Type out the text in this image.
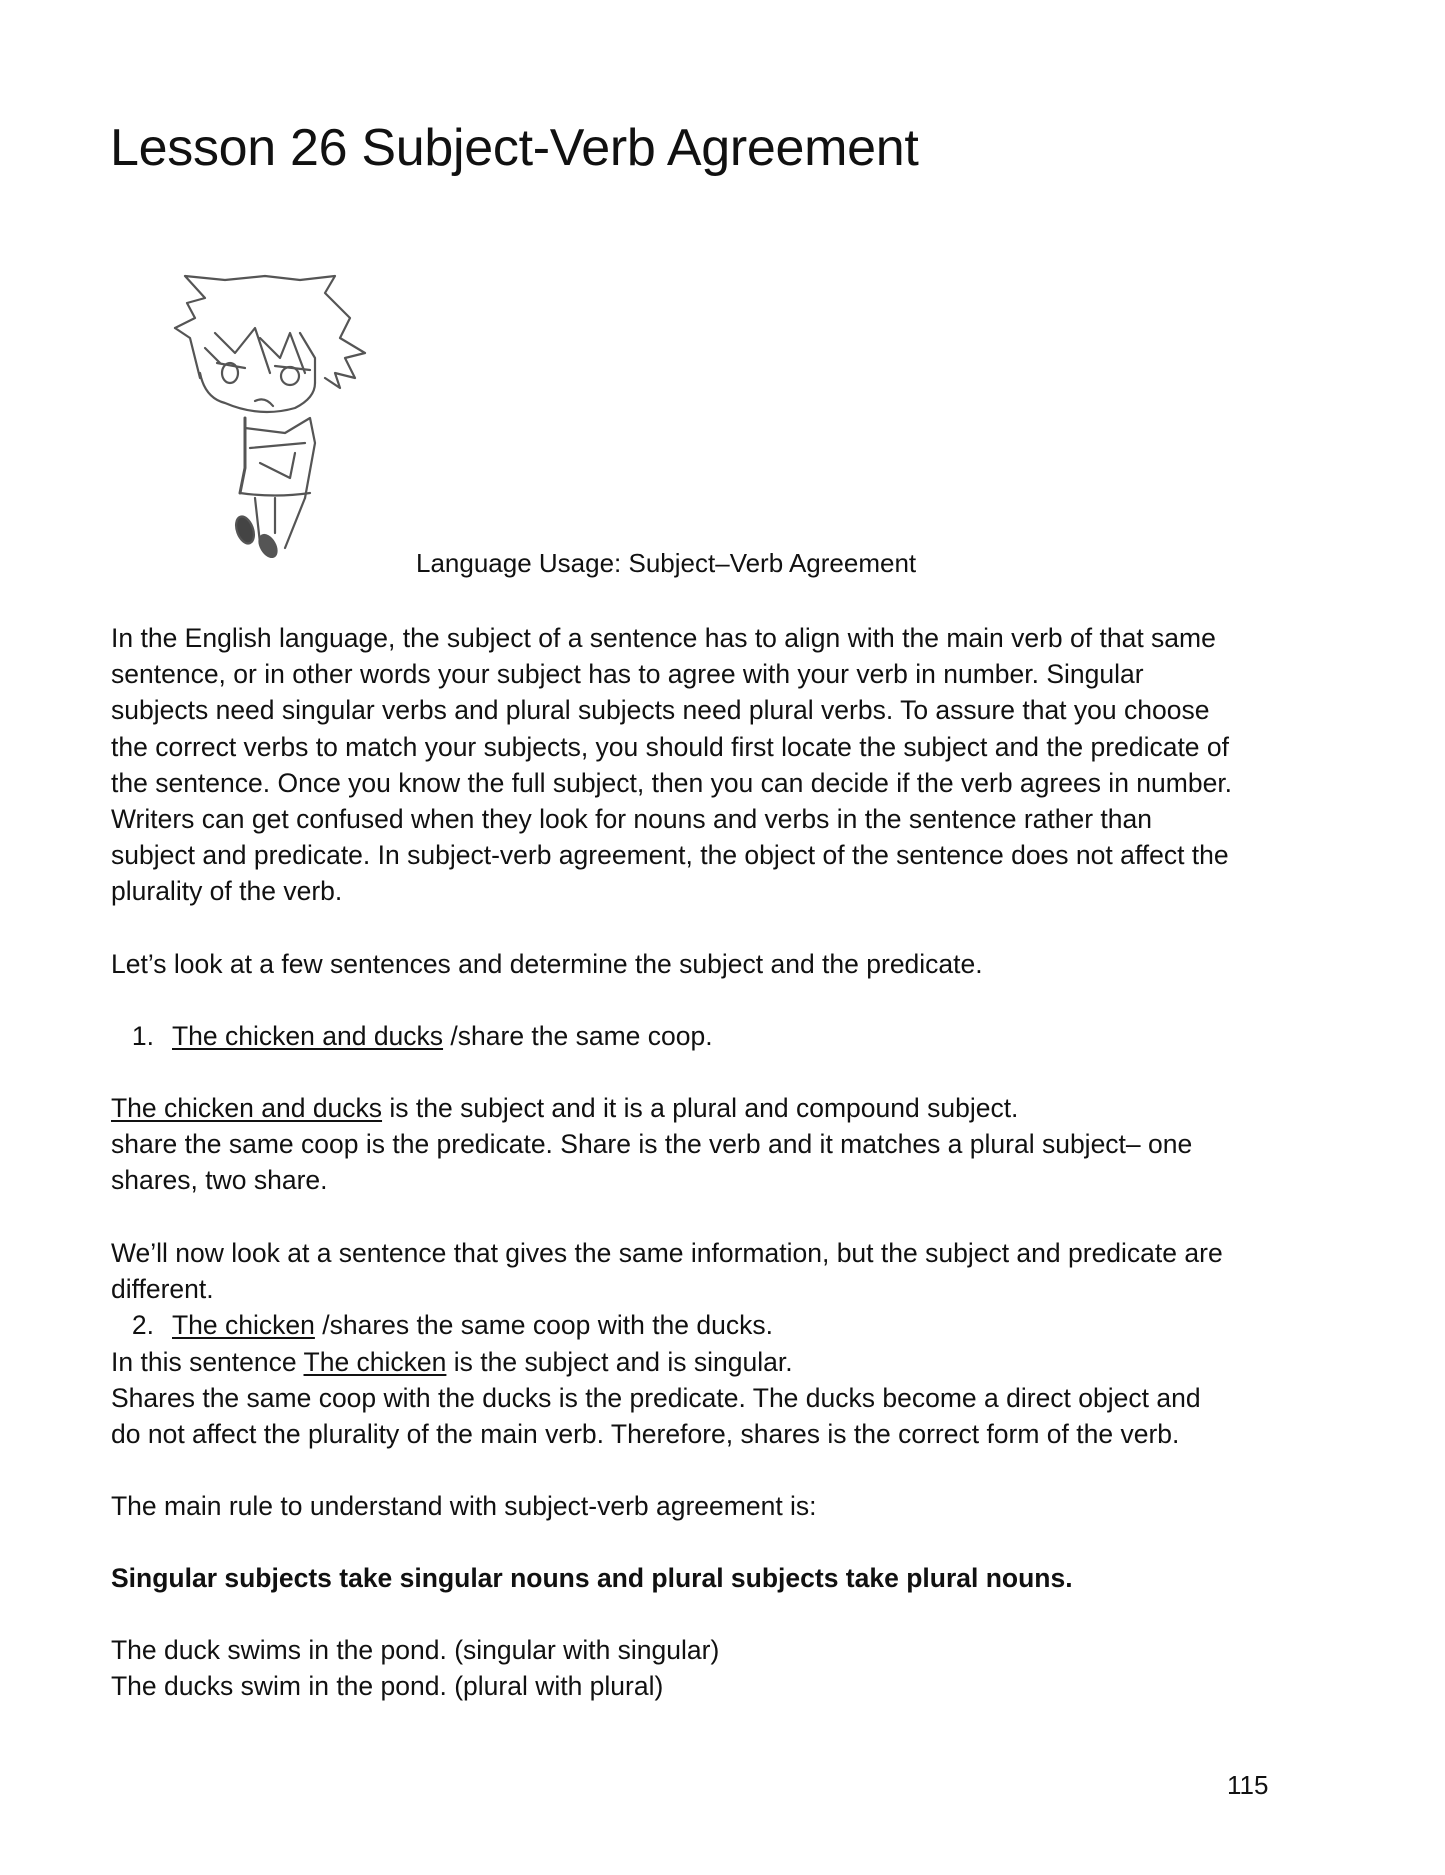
Lesson 26 Subject-Verb Agreement
Language Usage: Subject–Verb Agreement

In the English language, the subject of a sentence has to align with the main verb of that same

sentence, or in other words your subject has to agree with your verb in number. Singular

subjects need singular verbs and plural subjects need plural verbs. To assure that you choose

the correct verbs to match your subjects, you should first locate the subject and the predicate of

the sentence. Once you know the full subject, then you can decide if the verb agrees in number.

Writers can get confused when they look for nouns and verbs in the sentence rather than

subject and predicate. In subject-verb agreement, the object of the sentence does not affect the

plurality of the verb.

Let’s look at a few sentences and determine the subject and the predicate.

1. The chicken and ducks /share the same coop.

The chicken and ducks is the subject and it is a plural and compound subject.

share the same coop is the predicate. Share is the verb and it matches a plural subject– one

shares, two share.

We’ll now look at a sentence that gives the same information, but the subject and predicate are

different.

2. The chicken /shares the same coop with the ducks.

In this sentence The chicken is the subject and is singular.

Shares the same coop with the ducks is the predicate. The ducks become a direct object and

do not affect the plurality of the main verb. Therefore, shares is the correct form of the verb.

The main rule to understand with subject-verb agreement is:

Singular subjects take singular nouns and plural subjects take plural nouns.

The duck swims in the pond. (singular with singular)

The ducks swim in the pond. (plural with plural)

115
